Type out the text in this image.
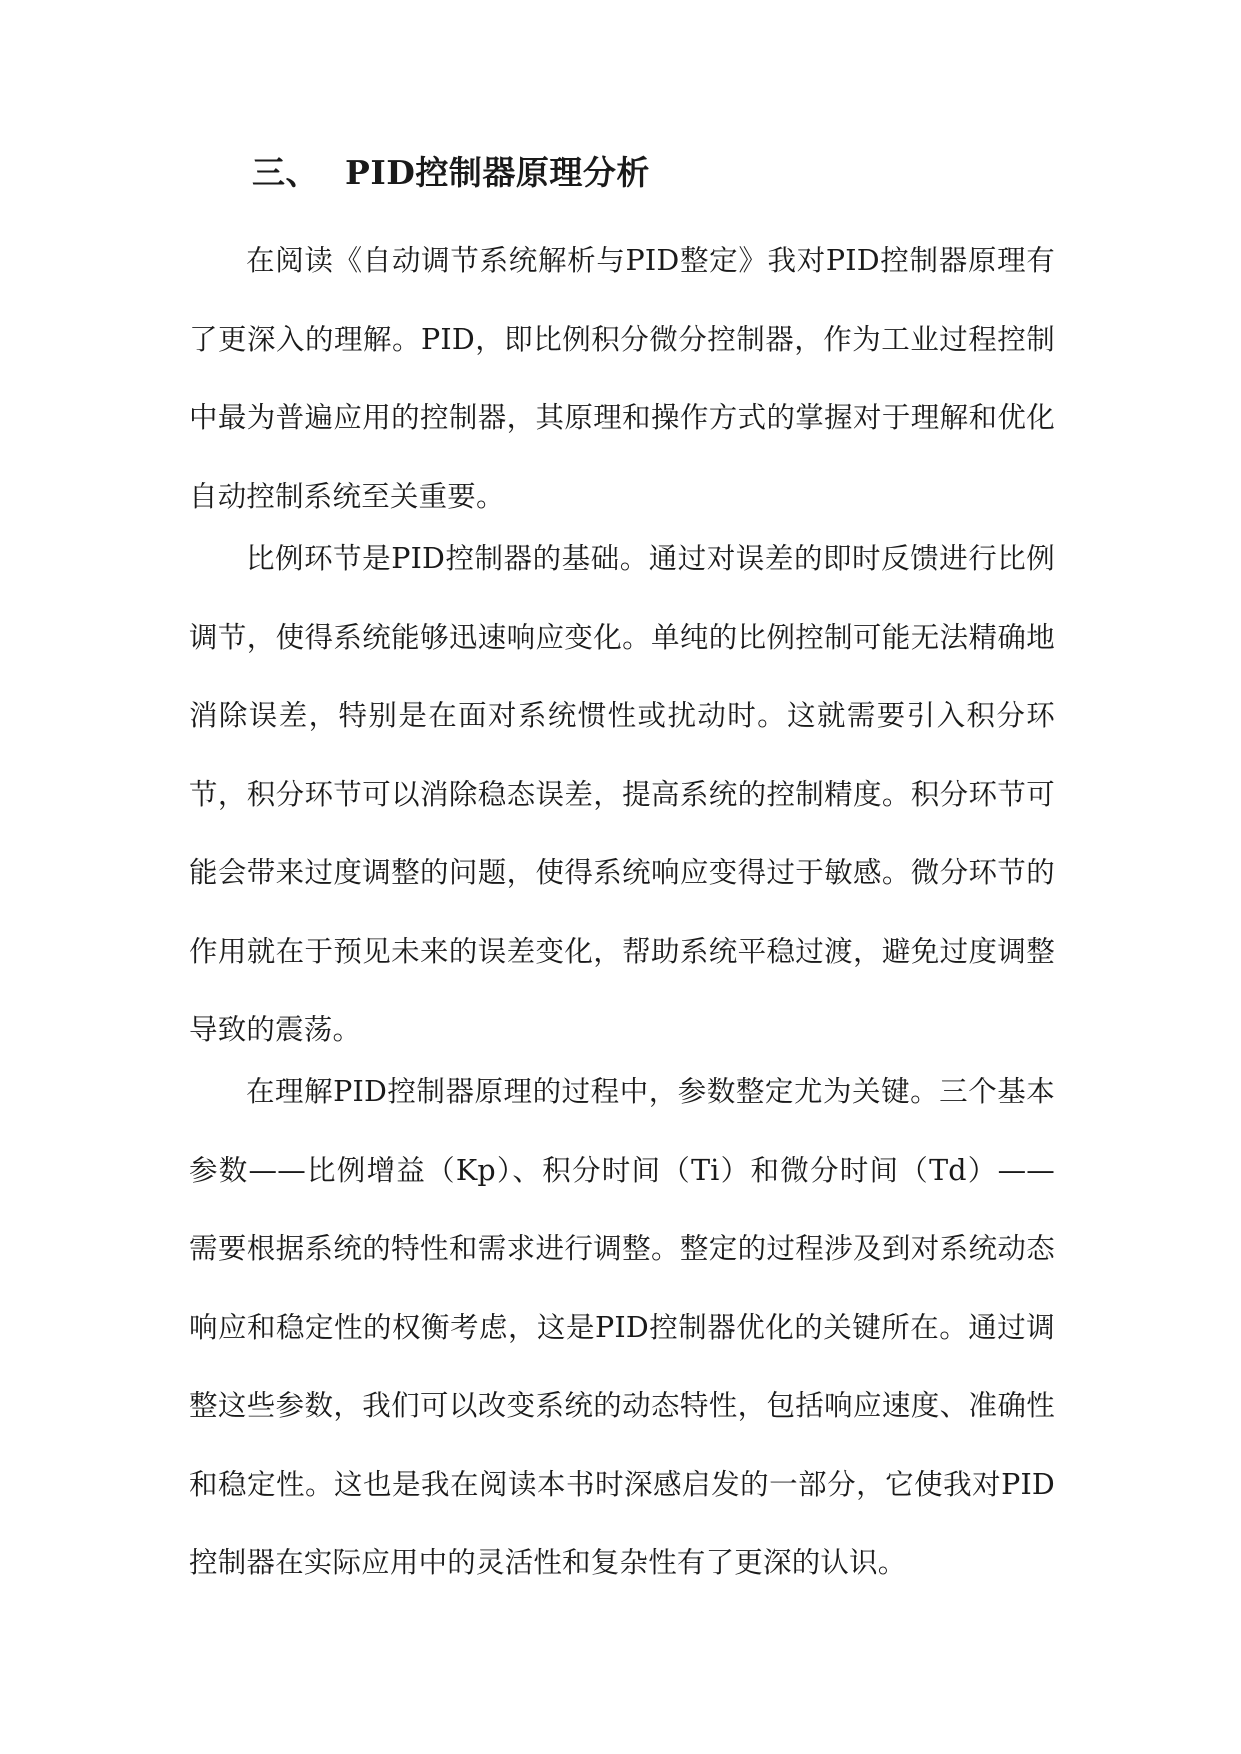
三、 PID控制器原理分析

在阅读《自动调节系统解析与PID整定》我对PID控制器原理有了更深入的理解。PID，即比例积分微分控制器，作为工业过程控制中最为普遍应用的控制器，其原理和操作方式的掌握对于理解和优化自动控制系统至关重要。

比例环节是PID控制器的基础。通过对误差的即时反馈进行比例调节，使得系统能够迅速响应变化。单纯的比例控制可能无法精确地消除误差，特别是在面对系统惯性或扰动时。这就需要引入积分环节，积分环节可以消除稳态误差，提高系统的控制精度。积分环节可能会带来过度调整的问题，使得系统响应变得过于敏感。微分环节的作用就在于预见未来的误差变化，帮助系统平稳过渡，避免过度调整导致的震荡。

在理解PID控制器原理的过程中，参数整定尤为关键。三个基本参数——比例增益（Kp）、积分时间（Ti）和微分时间（Td）——需要根据系统的特性和需求进行调整。整定的过程涉及到对系统动态响应和稳定性的权衡考虑，这是PID控制器优化的关键所在。通过调整这些参数，我们可以改变系统的动态特性，包括响应速度、准确性和稳定性。这也是我在阅读本书时深感启发的一部分，它使我对PID控制器在实际应用中的灵活性和复杂性有了更深的认识。
